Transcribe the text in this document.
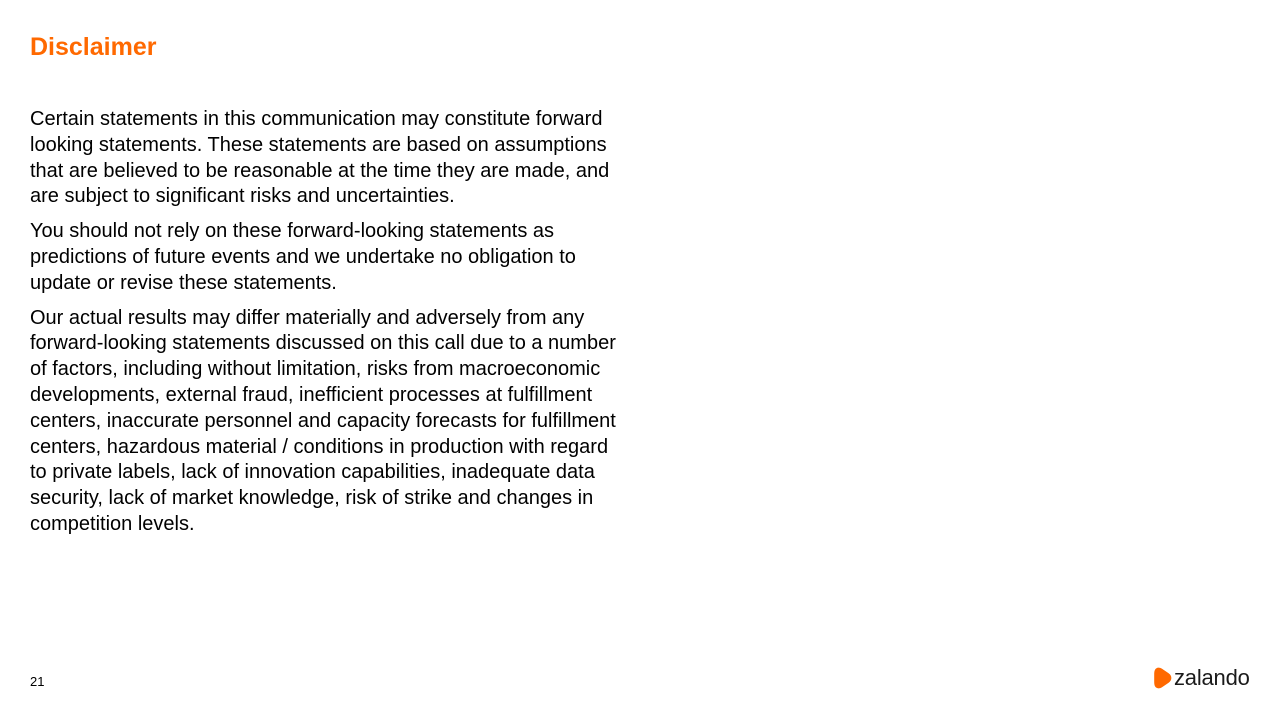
Disclaimer

Certain statements in this communication may constitute forward looking statements. These statements are based on assumptions that are believed to be reasonable at the time they are made, and are subject to significant risks and uncertainties.

You should not rely on these forward-looking statements as predictions of future events and we undertake no obligation to update or revise these statements.

Our actual results may differ materially and adversely from any forward-looking statements discussed on this call due to a number of factors, including without limitation, risks from macroeconomic developments, external fraud, inefficient processes at fulfillment centers, inaccurate personnel and capacity forecasts for fulfillment centers, hazardous material / conditions in production with regard to private labels, lack of innovation capabilities, inadequate data security, lack of market knowledge, risk of strike and changes in competition levels.

21	zalando
